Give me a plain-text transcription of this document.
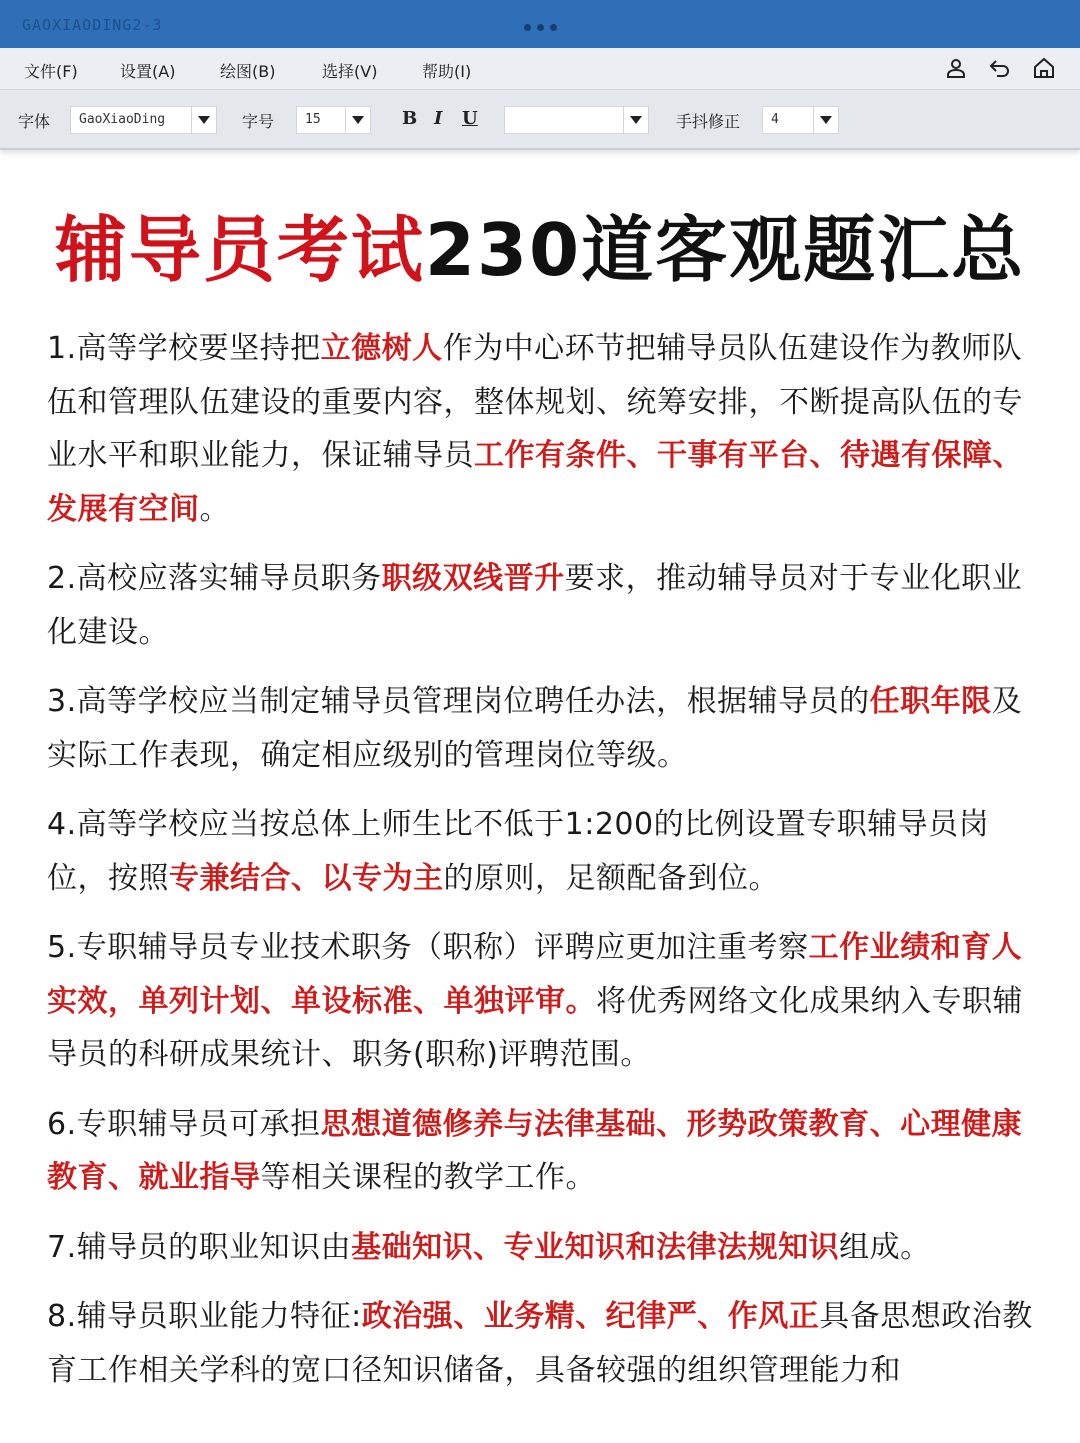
GAOXIAODING2-3
文件(F)	设置(A)	绘图(B)	选择(V)	帮助(I)
字体	GaoXiaoDing	字号	15	B I U	手抖修正	4
辅导员考试230道客观题汇总
1.高等学校要坚持把立德树人作为中心环节把辅导员队伍建设作为教师队伍和管理队伍建设的重要内容，整体规划、统筹安排，不断提高队伍的专业水平和职业能力，保证辅导员工作有条件、干事有平台、待遇有保障、发展有空间。
2.高校应落实辅导员职务职级双线晋升要求，推动辅导员对于专业化职业化建设。
3.高等学校应当制定辅导员管理岗位聘任办法，根据辅导员的任职年限及实际工作表现，确定相应级别的管理岗位等级。
4.高等学校应当按总体上师生比不低于1:200的比例设置专职辅导员岗位，按照专兼结合、以专为主的原则，足额配备到位。
5.专职辅导员专业技术职务（职称）评聘应更加注重考察工作业绩和育人实效，单列计划、单设标准、单独评审。将优秀网络文化成果纳入专职辅导员的科研成果统计、职务(职称)评聘范围。
6.专职辅导员可承担思想道德修养与法律基础、形势政策教育、心理健康教育、就业指导等相关课程的教学工作。
7.辅导员的职业知识由基础知识、专业知识和法律法规知识组成。
8.辅导员职业能力特征:政治强、业务精、纪律严、作风正具备思想政治教育工作相关学科的宽口径知识储备，具备较强的组织管理能力和
